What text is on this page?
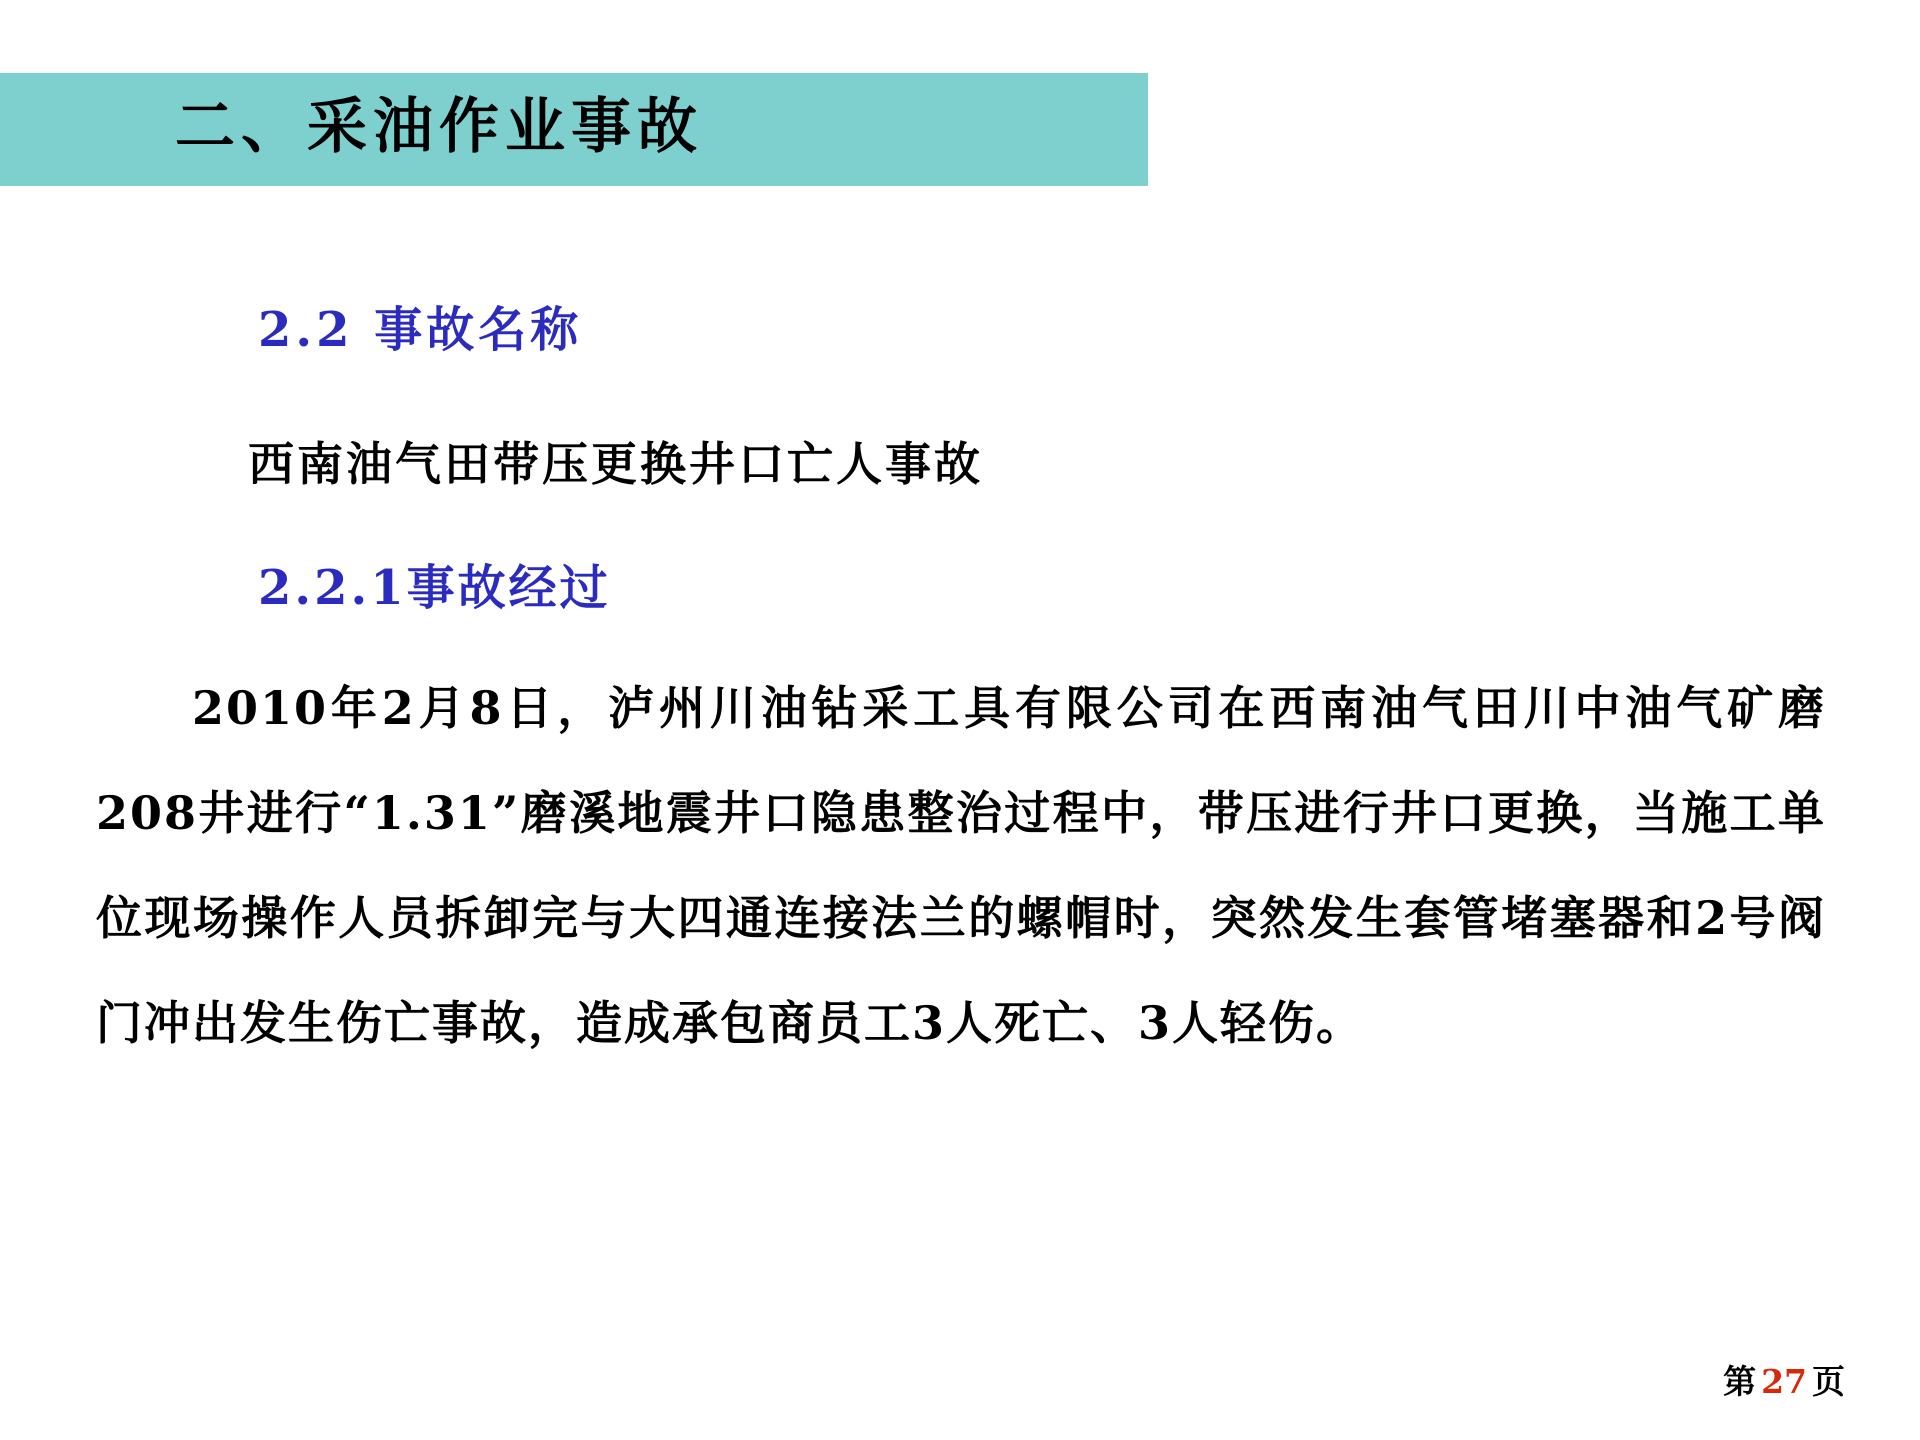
二、采油作业事故
2.2 事故名称
西南油气田带压更换井口亡人事故
2.2.1事故经过
2010年2月8日，泸州川油钻采工具有限公司在西南油气田川中油气矿磨208井进行“1.31”磨溪地震井口隐患整治过程中，带压进行井口更换，当施工单位现场操作人员拆卸完与大四通连接法兰的螺帽时，突然发生套管堵塞器和2号阀门冲出发生伤亡事故，造成承包商员工3人死亡、3人轻伤。
第 27 页
